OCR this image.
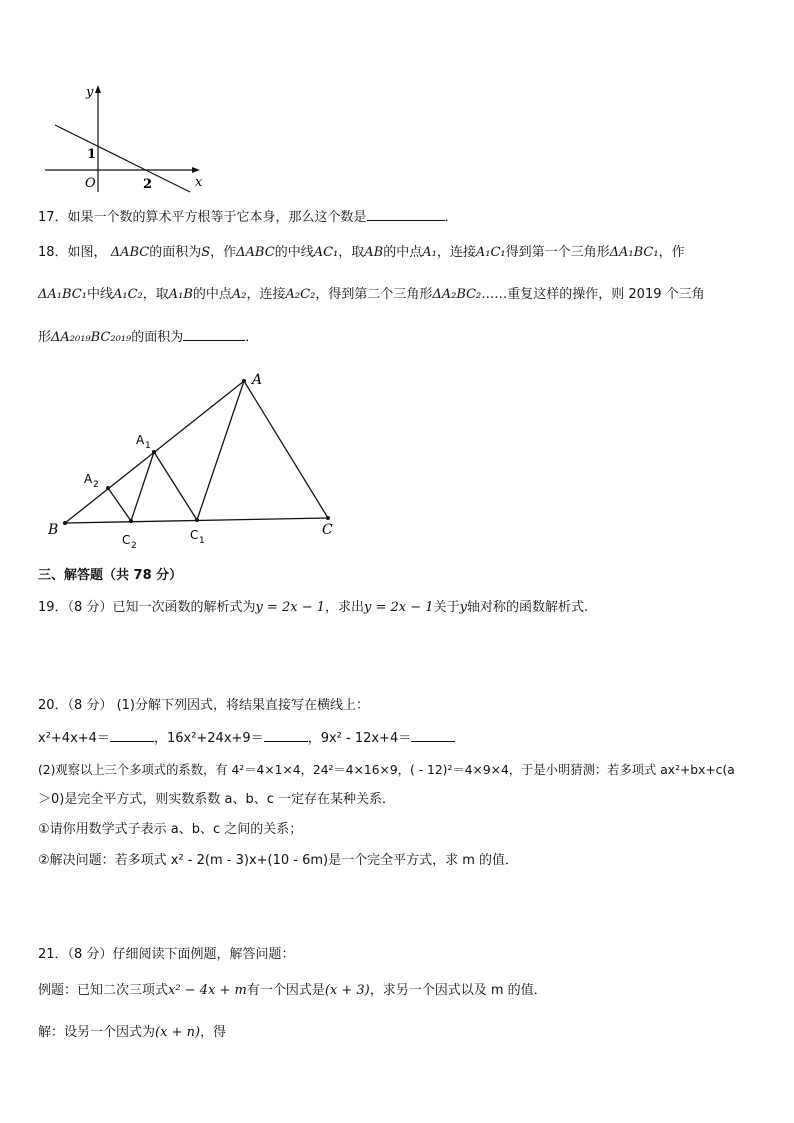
y
x
O
1
2
17．如果一个数的算术平方根等于它本身，那么这个数是	．
18．如图， ΔABC的面积为S，作ΔABC的中线AC₁，取AB的中点A₁，连接A₁C₁得到第一个三角形ΔA₁BC₁，作
ΔA₁BC₁中线A₁C₂，取A₁B的中点A₂，连接A₂C₂，得到第二个三角形ΔA₂BC₂……重复这样的操作，则 2019 个三角
形ΔA₂₀₁₉BC₂₀₁₉的面积为	．
A
B	C
A 1
A 2
C 1
C 2
三、解答题（共 78 分）
19．（8 分）已知一次函数的解析式为y = 2x − 1，求出y = 2x − 1关于y轴对称的函数解析式.
20．（8 分） (1)分解下列因式，将结果直接写在横线上：
x²+4x+4＝	，16x²+24x+9＝	，9x² - 12x+4＝
(2)观察以上三个多项式的系数，有 4²＝4×1×4，24²＝4×16×9，( - 12)²＝4×9×4，于是小明猜测：若多项式 ax²+bx+c(a
＞0)是完全平方式，则实数系数 a、b、c 一定存在某种关系．
①请你用数学式子表示 a、b、c 之间的关系；
②解决问题：若多项式 x² - 2(m - 3)x+(10 - 6m)是一个完全平方式，求 m 的值．
21．（8 分）仔细阅读下面例题，解答问题：
例题：已知二次三项式x² − 4x + m有一个因式是(x + 3)，求另一个因式以及 m 的值．
解：设另一个因式为(x + n)，得
